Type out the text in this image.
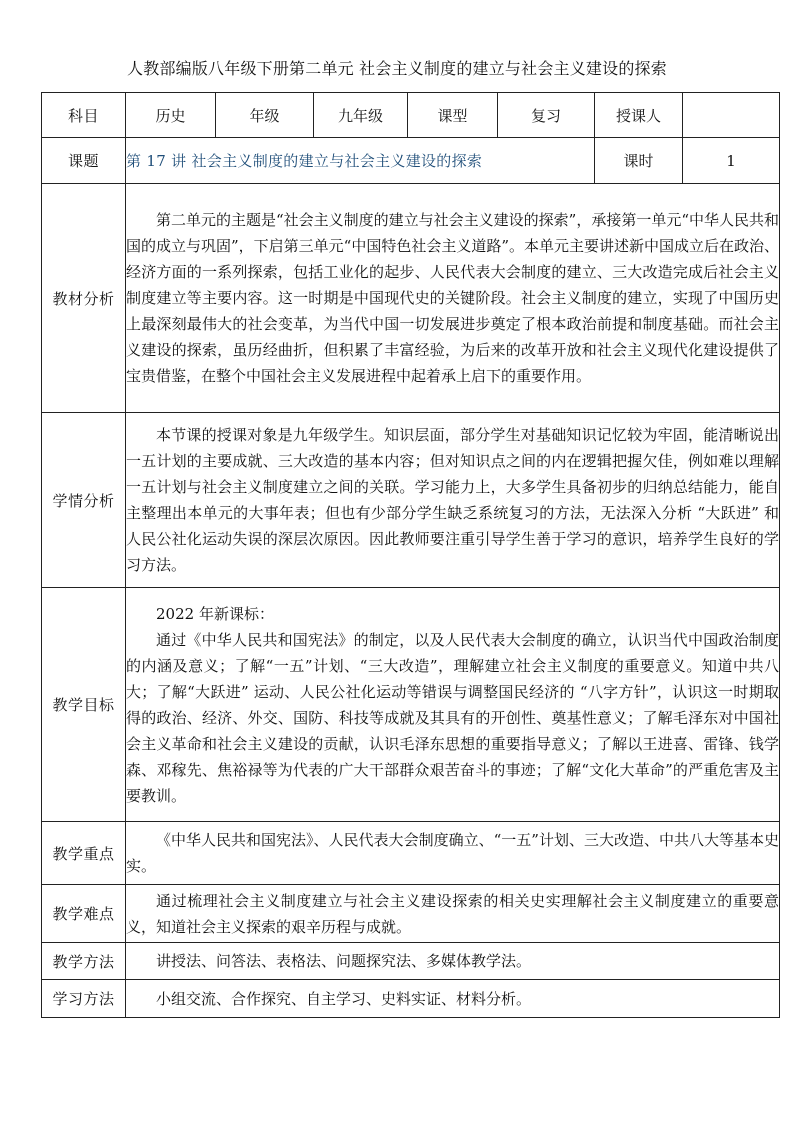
人教部编版八年级下册第二单元 社会主义制度的建立与社会主义建设的探索
科目	历史	年级	九年级	课型	复习	授课人	
课题	第 17 讲 社会主义制度的建立与社会主义建设的探索					课时	1
教材分析	第二单元的主题是“社会主义制度的建立与社会主义建设的探索”，承接第一单元“中华人民共和国的成立与巩固”，下启第三单元“中国特色社会主义道路”。本单元主要讲述新中国成立后在政治、经济方面的一系列探索，包括工业化的起步、人民代表大会制度的建立、三大改造完成后社会主义制度建立等主要内容。这一时期是中国现代史的关键阶段。社会主义制度的建立，实现了中国历史上最深刻最伟大的社会变革，为当代中国一切发展进步奠定了根本政治前提和制度基础。而社会主义建设的探索，虽历经曲折，但积累了丰富经验，为后来的改革开放和社会主义现代化建设提供了宝贵借鉴，在整个中国社会主义发展进程中起着承上启下的重要作用。						

学情分析	本节课的授课对象是九年级学生。知识层面，部分学生对基础知识记忆较为牢固，能清晰说出一五计划的主要成就、三大改造的基本内容；但对知识点之间的内在逻辑把握欠佳，例如难以理解一五计划与社会主义制度建立之间的关联。学习能力上，大多学生具备初步的归纳总结能力，能自主整理出本单元的大事年表；但也有少部分学生缺乏系统复习的方法，无法深入分析 “大跃进” 和人民公社化运动失误的深层次原因。因此教师要注重引导学生善于学习的意识，培养学生良好的学习方法。						

教学目标	2022 年新课标：

通过《中华人民共和国宪法》的制定，以及人民代表大会制度的确立，认识当代中国政治制度的内涵及意义；了解“一五”计划、“三大改造”，理解建立社会主义制度的重要意义。知道中共八大；了解“大跃进” 运动、人民公社化运动等错误与调整国民经济的 “八字方针”，认识这一时期取得的政治、经济、外交、国防、科技等成就及其具有的开创性、奠基性意义；了解毛泽东对中国社会主义革命和社会主义建设的贡献，认识毛泽东思想的重要指导意义；了解以王进喜、雷锋、钱学森、邓稼先、焦裕禄等为代表的广大干部群众艰苦奋斗的事迹；了解“文化大革命”的严重危害及主要教训。						

教学重点	《中华人民共和国宪法》、人民代表大会制度确立、“一五”计划、三大改造、中共八大等基本史实。						

教学难点	通过梳理社会主义制度建立与社会主义建设探索的相关史实理解社会主义制度建立的重要意义，知道社会主义探索的艰辛历程与成就。						

教学方法	讲授法、问答法、表格法、问题探究法、多媒体教学法。						

学习方法	小组交流、合作探究、自主学习、史料实证、材料分析。						
